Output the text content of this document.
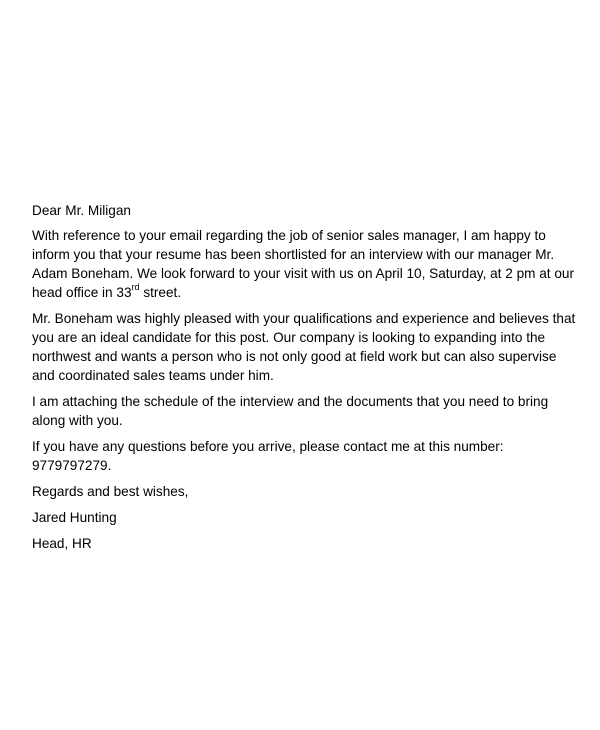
Dear Mr. Miligan

With reference to your email regarding the job of senior sales manager, I am happy to inform you that your resume has been shortlisted for an interview with our manager Mr. Adam Boneham. We look forward to your visit with us on April 10, Saturday, at 2 pm at our head office in 33rd street.

Mr. Boneham was highly pleased with your qualifications and experience and believes that you are an ideal candidate for this post. Our company is looking to expanding into the northwest and wants a person who is not only good at field work but can also supervise and coordinated sales teams under him.

I am attaching the schedule of the interview and the documents that you need to bring along with you.

If you have any questions before you arrive, please contact me at this number: 9779797279.

Regards and best wishes,

Jared Hunting

Head, HR
